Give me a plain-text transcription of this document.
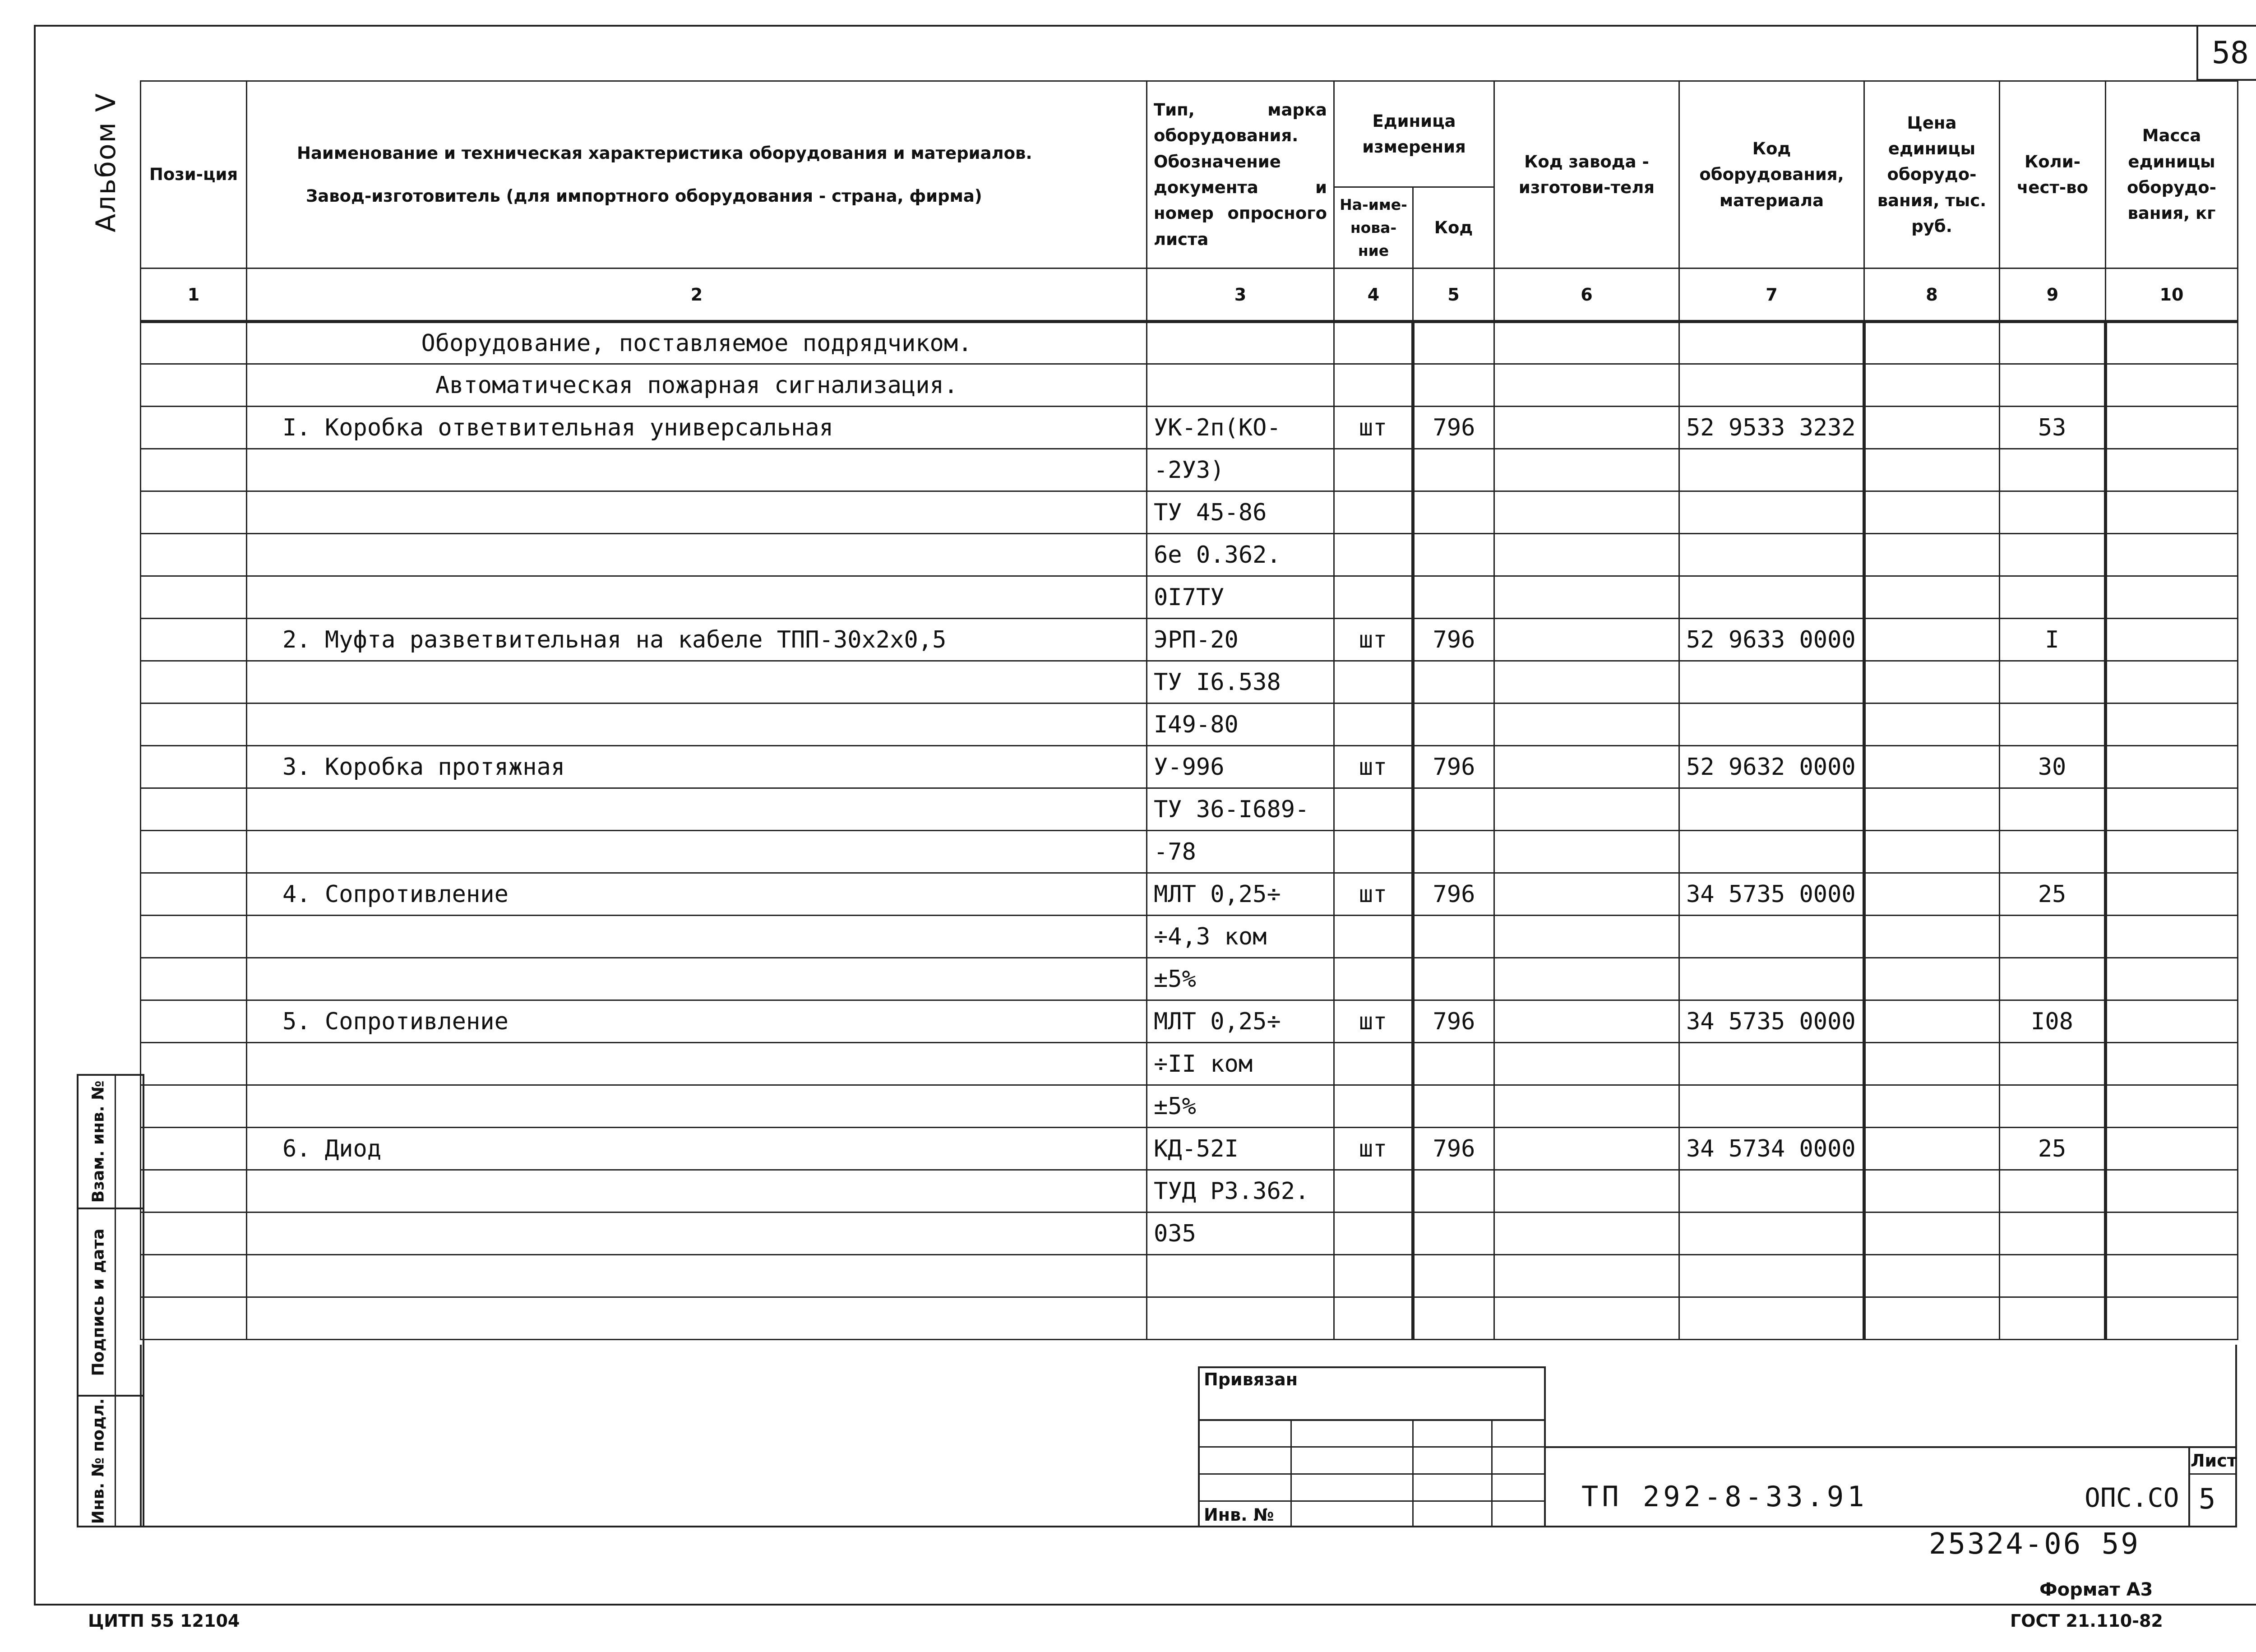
58
Альбом V Пози-ция	Наименование и техническая характеристика оборудования и материалов.
Завод-изготовитель (для импортного оборудования - страна, фирма)	Тип, марка оборудования. Обозначение документа и номер опросного листа	Единица измерения		Код завода - изготови-теля	Код оборудования, материала	Цена единицы оборудо-вания, тыс. руб.	Коли-чест-во	Масса единицы оборудо-вания, кг
			На-име-нова-ние	Код					
1	2	3	4	5	6	7	8	9	10
	Оборудование, поставляемое подрядчиком.								
	Автоматическая пожарная сигнализация.								
	I. Коробка ответвительная универсальная	УК-2п(КО-	шт	796		52 9533 3232		53	
		-2УЗ)							
		ТУ 45-86							
		6е 0.362.							
		0I7ТУ							
	2. Муфта разветвительная на кабеле ТПП-30х2х0,5	ЭРП-20	шт	796		52 9633 0000		I	
		ТУ I6.538							
		I49-80							
	3. Коробка протяжная	У-996	шт	796		52 9632 0000		30	
		ТУ 36-I689-							
		-78							
	4. Сопротивление	МЛТ 0,25÷	шт	796		34 5735 0000		25	
		÷4,3 ком							
		±5%							
	5. Сопротивление	МЛТ 0,25÷	шт	796		34 5735 0000		I08	
		÷II ком							
		±5%							
	6. Диод	КД-52I	шт	796		34 5734 0000		25	
		ТУД Р3.362.							
		035							

Взам. инв. №
Подпись и дата
Инв. № подл.
Привязан
Инв. №
ТП 292-8-33.91	ОПС.СО
Лист
5
25324-06 59
Формат А3
ЦИТП 55 12104	ГОСТ 21.110-82
